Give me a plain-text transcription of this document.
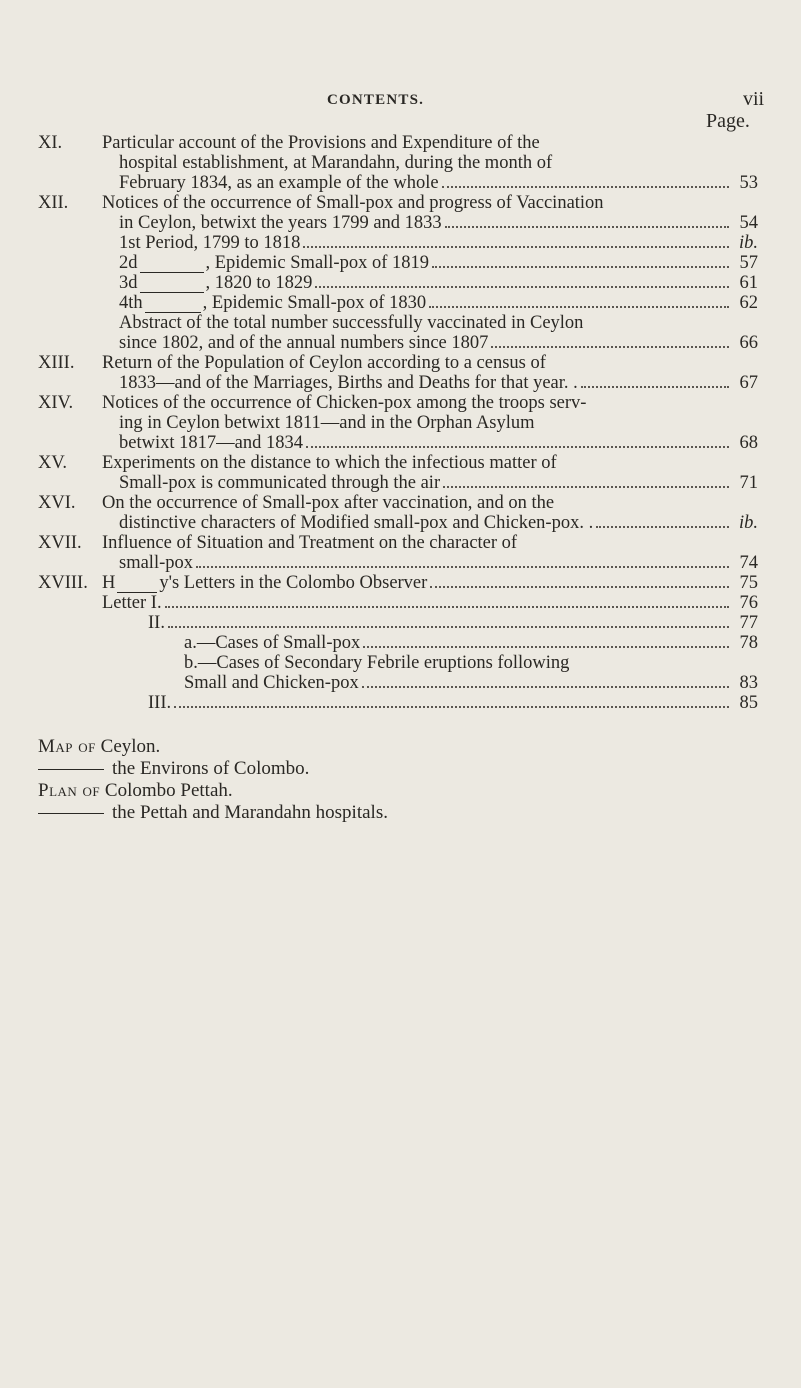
CONTENTS.	vii
Page.
XI.	Particular account of the Provisions and Expenditure of the
hospital establishment, at Marandahn, during the month of
February 1834, as an example of the whole	53
XII.	Notices of the occurrence of Small-pox and progress of Vaccination
in Ceylon, betwixt the years 1799 and 1833	54
1st Period, 1799 to 1818	ib.
2d	, Epidemic Small-pox of 1819	57
3d	, 1820 to 1829	61
4th	, Epidemic Small-pox of 1830	62
Abstract of the total number successfully vaccinated in Ceylon
since 1802, and of the annual numbers since 1807	66
XIII.	Return of the Population of Ceylon according to a census of
1833—and of the Marriages, Births and Deaths for that year. .	67
XIV.	Notices of the occurrence of Chicken-pox among the troops serv-
ing in Ceylon betwixt 1811—and in the Orphan Asylum
betwixt 1817—and 1834	68
XV.	Experiments on the distance to which the infectious matter of
Small-pox is communicated through the air	71
XVI.	On the occurrence of Small-pox after vaccination, and on the
distinctive characters of Modified small-pox and Chicken-pox. .	ib.
XVII.	Influence of Situation and Treatment on the character of
small-pox	74
XVIII. H y's Letters in the Colombo Observer	75
Letter I.	76
II.	77
a.—Cases of Small-pox	78
b.—Cases of Secondary Febrile eruptions following
Small and Chicken-pox	83
III.	85
Map of Ceylon.
the Environs of Colombo.
Plan of Colombo Pettah.
the Pettah and Marandahn hospitals.
